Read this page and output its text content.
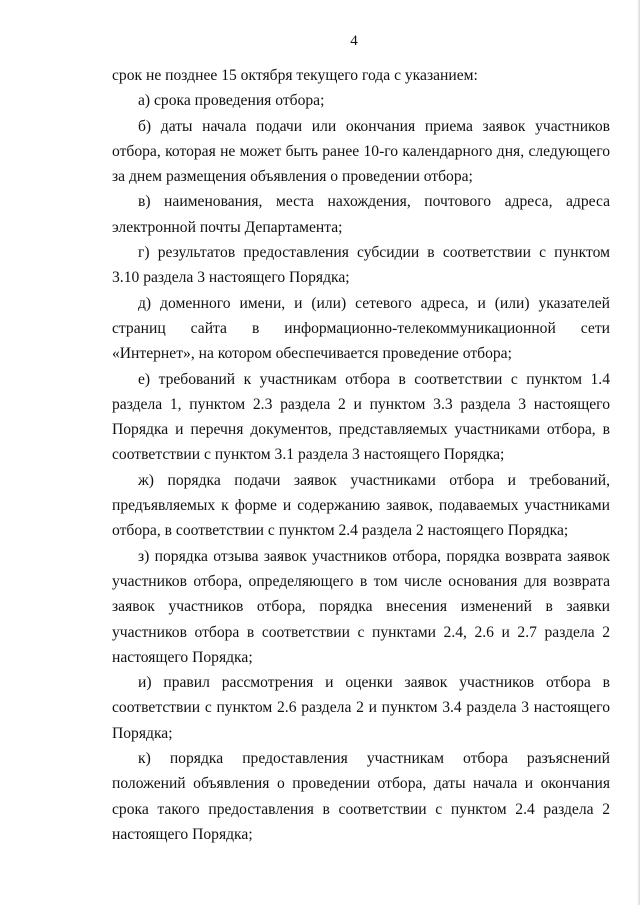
4

срок не позднее 15 октября текущего года с указанием:

а) срока проведения отбора;

б) даты начала подачи или окончания приема заявок участников отбора, которая не может быть ранее 10-го календарного дня, следующего за днем размещения объявления о проведении отбора;

в) наименования, места нахождения, почтового адреса, адреса электронной почты Департамента;

г) результатов предоставления субсидии в соответствии с пунктом 3.10 раздела 3 настоящего Порядка;

д) доменного имени, и (или) сетевого адреса, и (или) указателей страниц сайта в информационно-телекоммуникационной сети «Интернет», на котором обеспечивается проведение отбора;

е) требований к участникам отбора в соответствии с пунктом 1.4 раздела 1, пунктом 2.3 раздела 2 и пунктом 3.3 раздела 3 настоящего Порядка и перечня документов, представляемых участниками отбора, в соответствии с пунктом 3.1 раздела 3 настоящего Порядка;

ж) порядка подачи заявок участниками отбора и требований, предъявляемых к форме и содержанию заявок, подаваемых участниками отбора, в соответствии с пунктом 2.4 раздела 2 настоящего Порядка;

з) порядка отзыва заявок участников отбора, порядка возврата заявок участников отбора, определяющего в том числе основания для возврата заявок участников отбора, порядка внесения изменений в заявки участников отбора в соответствии с пунктами 2.4, 2.6 и 2.7 раздела 2 настоящего Порядка;

и) правил рассмотрения и оценки заявок участников отбора в соответствии с пунктом 2.6 раздела 2 и пунктом 3.4 раздела 3 настоящего Порядка;

к) порядка предоставления участникам отбора разъяснений положений объявления о проведении отбора, даты начала и окончания срока такого предоставления в соответствии с пунктом 2.4 раздела 2 настоящего Порядка;
